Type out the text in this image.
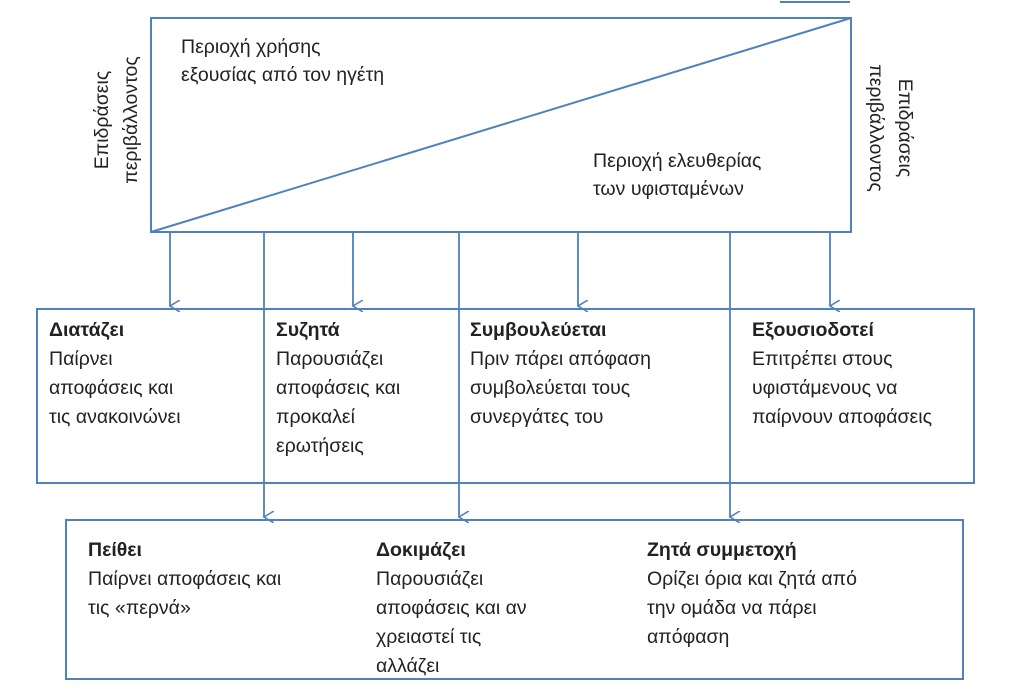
Περιοχή χρήσης
εξουσίας από τον ηγέτη
Περιοχή ελευθερίας
των υφισταμένων
Επιδράσεις περιβάλλοντος	Επιδράσεις
περιβάλλοντος
Διατάζει
Παίρνει
αποφάσεις και
τις ανακοινώνει
Συζητά
Παρουσιάζει
αποφάσεις και
προκαλεί
ερωτήσεις
Συμβουλεύεται
Πριν πάρει απόφαση
συμβολεύεται τους
συνεργάτες του
Εξουσιοδοτεί
Επιτρέπει στους
υφιστάμενους να
παίρνουν αποφάσεις
Πείθει
Παίρνει αποφάσεις και
τις «περνά»
Δοκιμάζει
Παρουσιάζει
αποφάσεις και αν
χρειαστεί τις
αλλάζει
Ζητά συμμετοχή
Ορίζει όρια και ζητά από
την ομάδα να πάρει
απόφαση
